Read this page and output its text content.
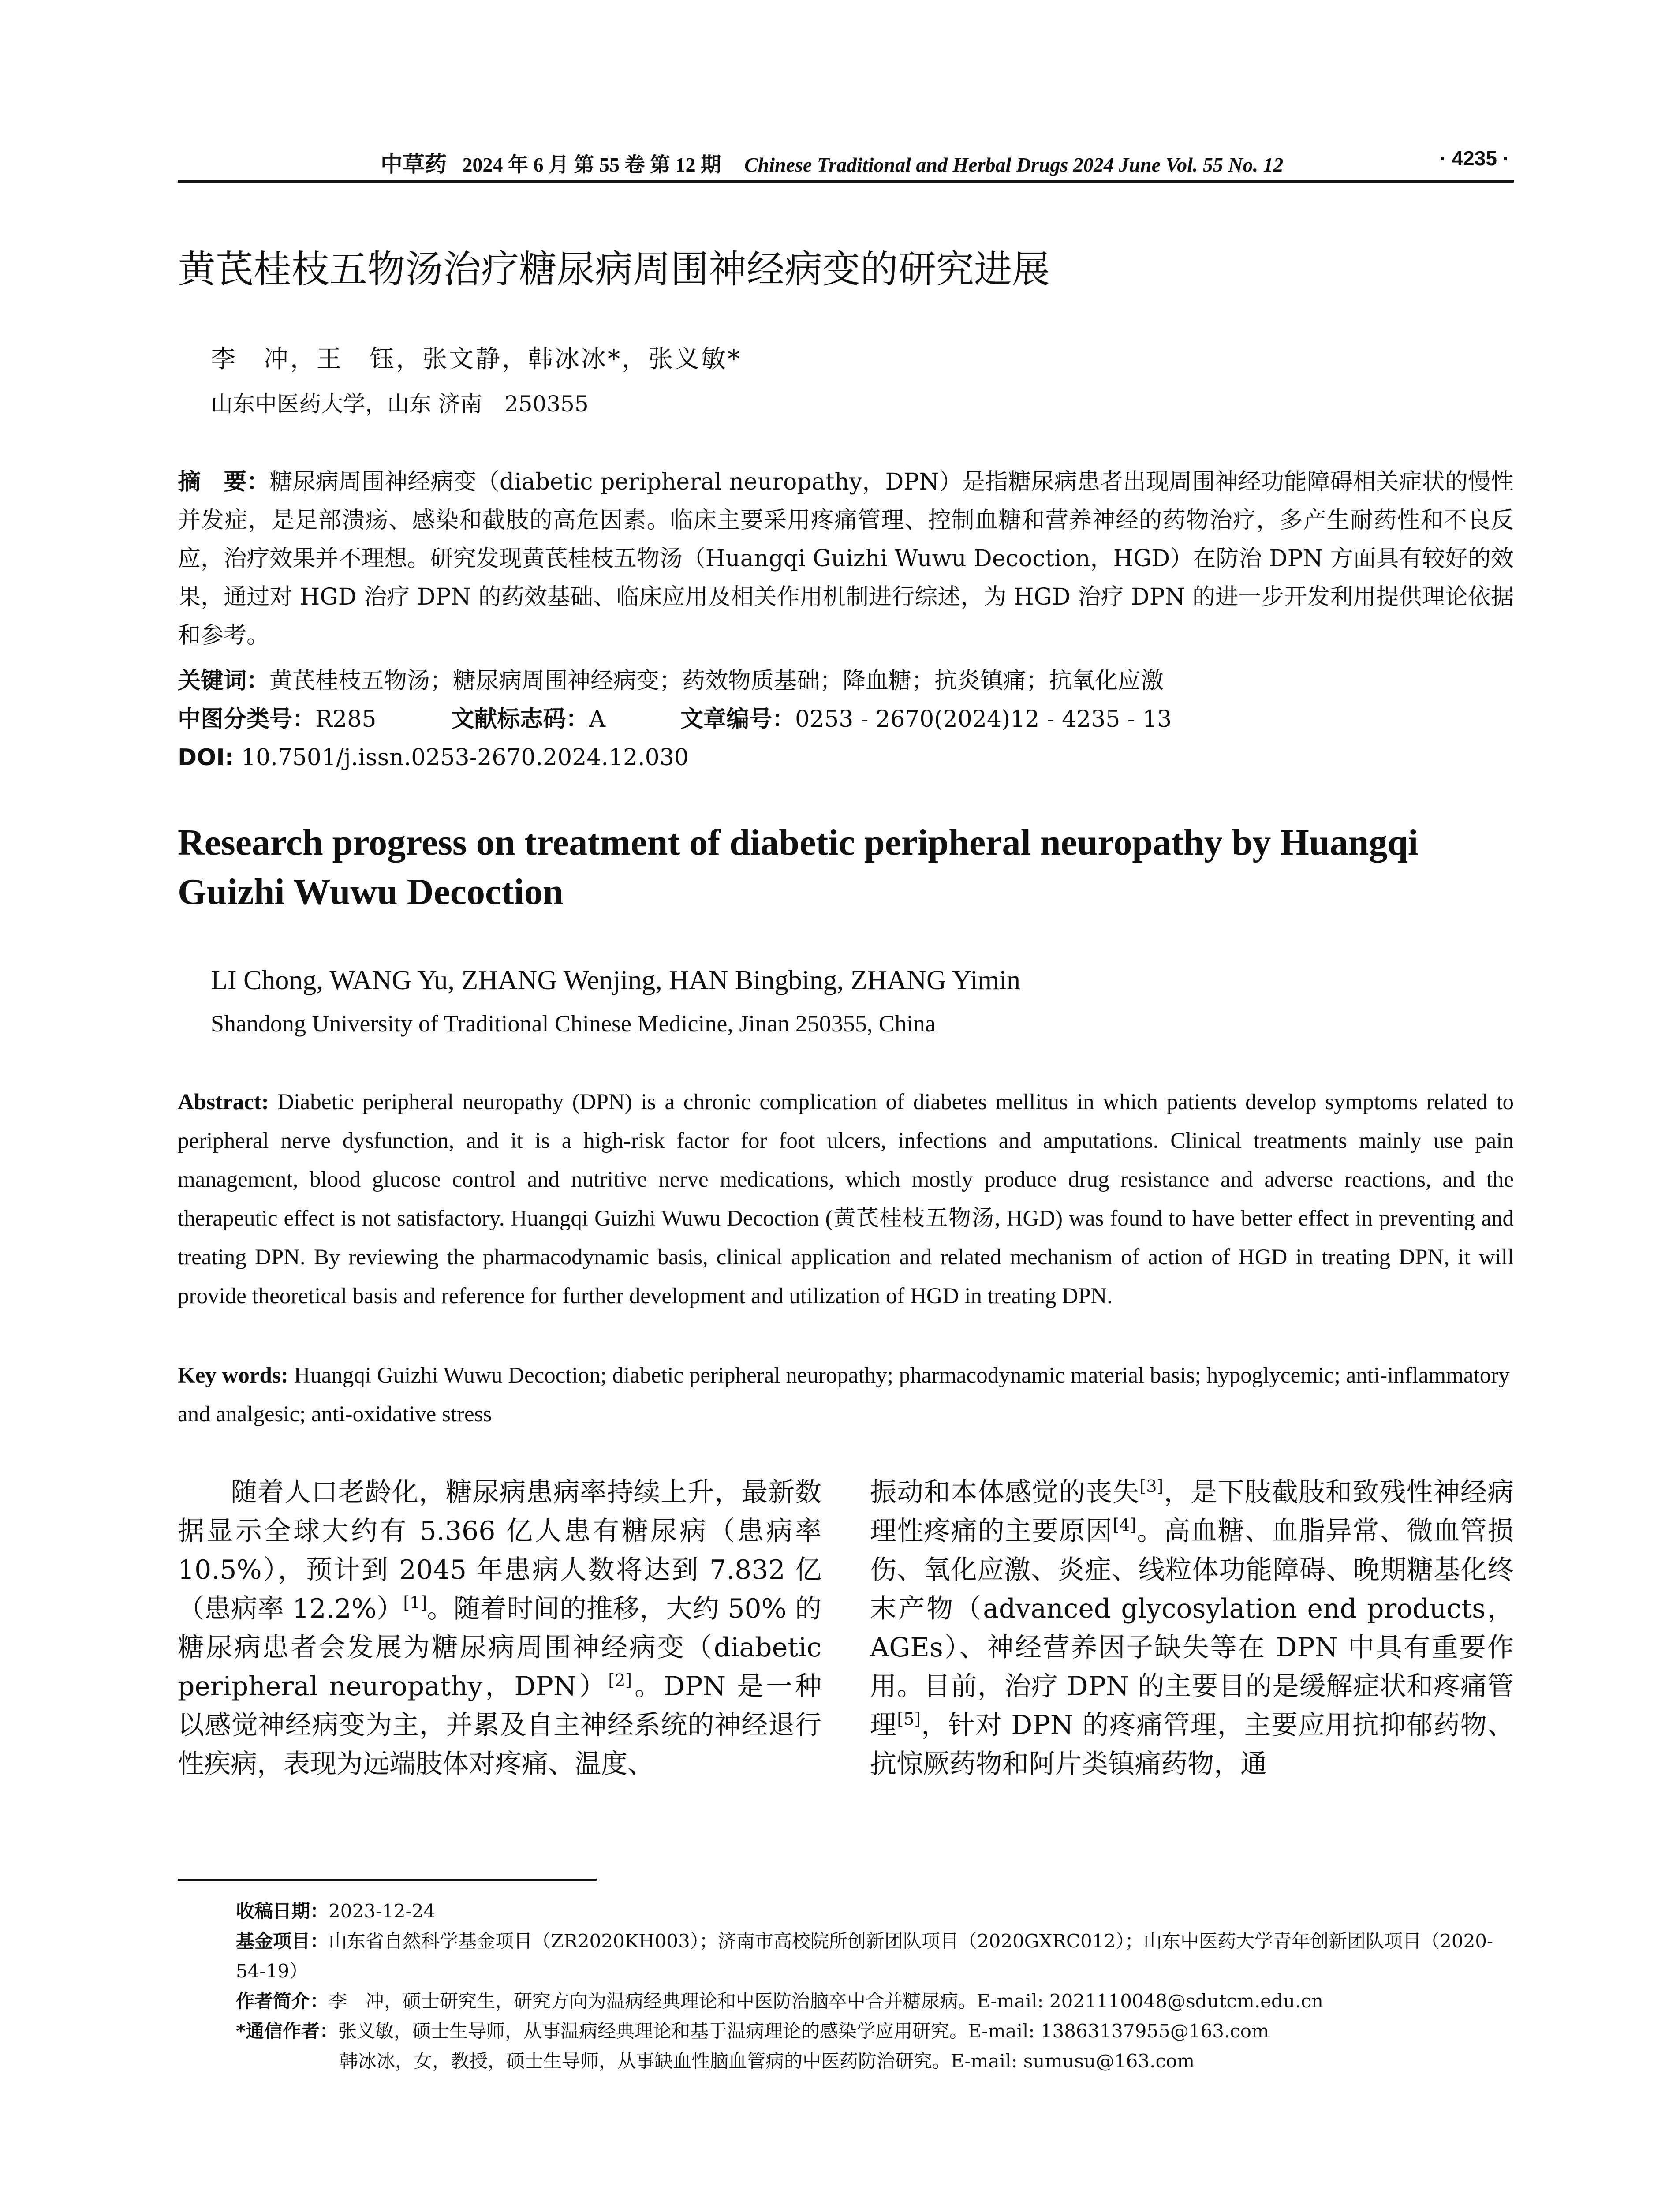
中草药 2024 年 6 月 第 55 卷 第 12 期 Chinese Traditional and Herbal Drugs 2024 June Vol. 55 No. 12	· 4235 ·
黄芪桂枝五物汤治疗糖尿病周围神经病变的研究进展
李　冲，王　钰，张文静，韩冰冰*，张义敏*
山东中医药大学，山东 济南　250355
摘　要：糖尿病周围神经病变（diabetic peripheral neuropathy，DPN）是指糖尿病患者出现周围神经功能障碍相关症状的慢性并发症，是足部溃疡、感染和截肢的高危因素。临床主要采用疼痛管理、控制血糖和营养神经的药物治疗，多产生耐药性和不良反应，治疗效果并不理想。研究发现黄芪桂枝五物汤（Huangqi Guizhi Wuwu Decoction，HGD）在防治 DPN 方面具有较好的效果，通过对 HGD 治疗 DPN 的药效基础、临床应用及相关作用机制进行综述，为 HGD 治疗 DPN 的进一步开发利用提供理论依据和参考。
关键词：黄芪桂枝五物汤；糖尿病周围神经病变；药效物质基础；降血糖；抗炎镇痛；抗氧化应激
中图分类号：R285	文献标志码：A	文章编号：0253 - 2670(2024)12 - 4235 - 13
DOI: 10.7501/j.issn.0253-2670.2024.12.030
Research progress on treatment of diabetic peripheral neuropathy by Huangqi Guizhi Wuwu Decoction
LI Chong, WANG Yu, ZHANG Wenjing, HAN Bingbing, ZHANG Yimin
Shandong University of Traditional Chinese Medicine, Jinan 250355, China
Abstract: Diabetic peripheral neuropathy (DPN) is a chronic complication of diabetes mellitus in which patients develop symptoms related to peripheral nerve dysfunction, and it is a high-risk factor for foot ulcers, infections and amputations. Clinical treatments mainly use pain management, blood glucose control and nutritive nerve medications, which mostly produce drug resistance and adverse reactions, and the therapeutic effect is not satisfactory. Huangqi Guizhi Wuwu Decoction (黄芪桂枝五物汤, HGD) was found to have better effect in preventing and treating DPN. By reviewing the pharmacodynamic basis, clinical application and related mechanism of action of HGD in treating DPN, it will provide theoretical basis and reference for further development and utilization of HGD in treating DPN.
Key words: Huangqi Guizhi Wuwu Decoction; diabetic peripheral neuropathy; pharmacodynamic material basis; hypoglycemic; anti-inflammatory and analgesic; anti-oxidative stress
随着人口老龄化，糖尿病患病率持续上升，最新数据显示全球大约有 5.366 亿人患有糖尿病（患病率 10.5%），预计到 2045 年患病人数将达到 7.832 亿（患病率 12.2%）[1]。随着时间的推移，大约 50% 的糖尿病患者会发展为糖尿病周围神经病变（diabetic peripheral neuropathy，DPN）[2]。DPN 是一种以感觉神经病变为主，并累及自主神经系统的神经退行性疾病，表现为远端肢体对疼痛、温度、
振动和本体感觉的丧失[3]，是下肢截肢和致残性神经病理性疼痛的主要原因[4]。高血糖、血脂异常、微血管损伤、氧化应激、炎症、线粒体功能障碍、晚期糖基化终末产物（advanced glycosylation end products，AGEs）、神经营养因子缺失等在 DPN 中具有重要作用。目前，治疗 DPN 的主要目的是缓解症状和疼痛管理[5]，针对 DPN 的疼痛管理，主要应用抗抑郁药物、抗惊厥药物和阿片类镇痛药物，通
收稿日期：2023-12-24
基金项目：山东省自然科学基金项目（ZR2020KH003）；济南市高校院所创新团队项目（2020GXRC012）；山东中医药大学青年创新团队项目（2020-54-19）
作者简介：李　冲，硕士研究生，研究方向为温病经典理论和中医防治脑卒中合并糖尿病。E-mail: 2021110048@sdutcm.edu.cn
*通信作者：张义敏，硕士生导师，从事温病经典理论和基于温病理论的感染学应用研究。E-mail: 13863137955@163.com
韩冰冰，女，教授，硕士生导师，从事缺血性脑血管病的中医药防治研究。E-mail: sumusu@163.com
